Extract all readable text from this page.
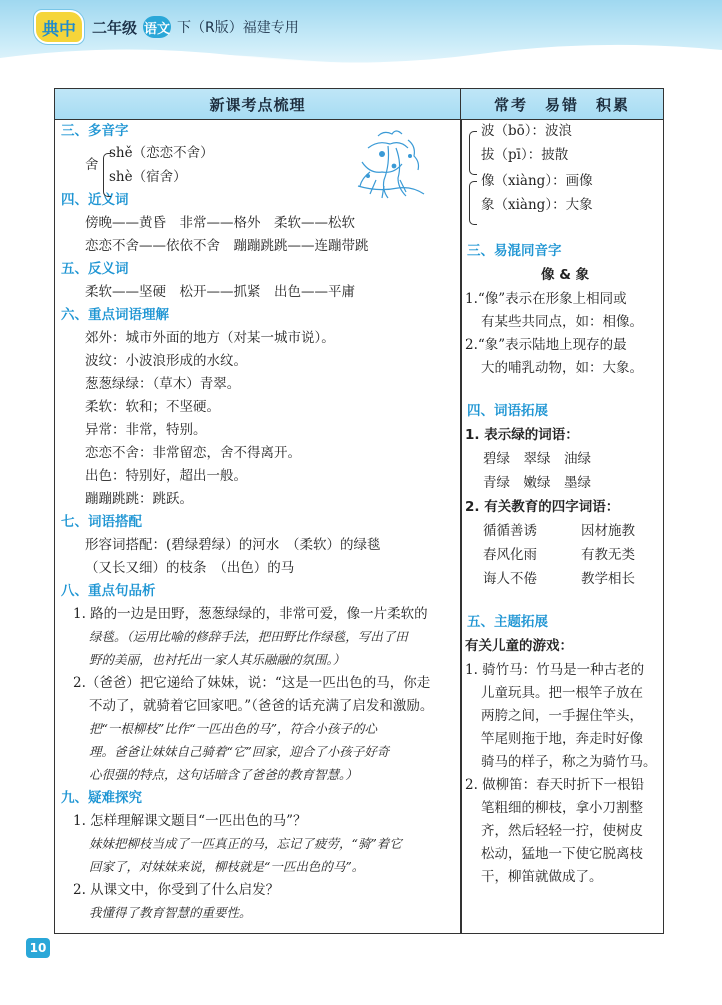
典中	二年级 语文 下（R版）福建专用
新课考点梳理	常考　易错　积累
三、多音字
舍
shě（恋恋不舍）
shè（宿舍）
四、近义词
傍晚——黄昏　非常——格外　柔软——松软
恋恋不舍——依依不舍　蹦蹦跳跳——连蹦带跳
五、反义词
柔软——坚硬　松开——抓紧　出色——平庸
六、重点词语理解
郊外：城市外面的地方（对某一城市说）。
波纹：小波浪形成的水纹。
葱葱绿绿：（草木）青翠。
柔软：软和；不坚硬。
异常：非常，特别。
恋恋不舍：非常留恋，舍不得离开。
出色：特别好，超出一般。
蹦蹦跳跳：跳跃。
七、词语搭配
形容词搭配：(碧绿碧绿）的河水　（柔软）的绿毯
（又长又细）的枝条　（出色）的马
八、重点句品析
1. 路的一边是田野，葱葱绿绿的，非常可爱，像一片柔软的
绿毯。（运用比喻的修辞手法，把田野比作绿毯，写出了田
野的美丽，也衬托出一家人其乐融融的氛围。）
2.（爸爸）把它递给了妹妹，说：“这是一匹出色的马，你走
不动了，就骑着它回家吧。”（爸爸的话充满了启发和激励。
把“一根柳枝”比作“一匹出色的马”，符合小孩子的心
理。爸爸让妹妹自己骑着“它”回家，迎合了小孩子好奇
心很强的特点，这句话暗含了爸爸的教育智慧。）
九、疑难探究
1. 怎样理解课文题目“一匹出色的马”？
妹妹把柳枝当成了一匹真正的马，忘记了疲劳，“骑”着它
回家了，对妹妹来说，柳枝就是“一匹出色的马”。
2. 从课文中，你受到了什么启发？
我懂得了教育智慧的重要性。
波（bō）：波浪
拔（pī）：披散
像（xiàng）：画像
象（xiàng）：大象
三、易混同音字
像 & 象
1.“像”表示在形象上相同或
有某些共同点，如：相像。
2.“象”表示陆地上现存的最
大的哺乳动物，如：大象。
四、词语拓展
1. 表示绿的词语：
碧绿　翠绿　油绿
青绿　嫩绿　墨绿
2. 有关教育的四字词语：
循循善诱	因材施教
春风化雨	有教无类
诲人不倦	教学相长
五、主题拓展
有关儿童的游戏：
1. 骑竹马：竹马是一种古老的
儿童玩具。把一根竿子放在
两胯之间，一手握住竿头，
竿尾则拖于地，奔走时好像
骑马的样子，称之为骑竹马。
2. 做柳笛：春天时折下一根铅
笔粗细的柳枝，拿小刀割整
齐，然后轻轻一拧，使树皮
松动，猛地一下使它脱离枝
干，柳笛就做成了。
10
